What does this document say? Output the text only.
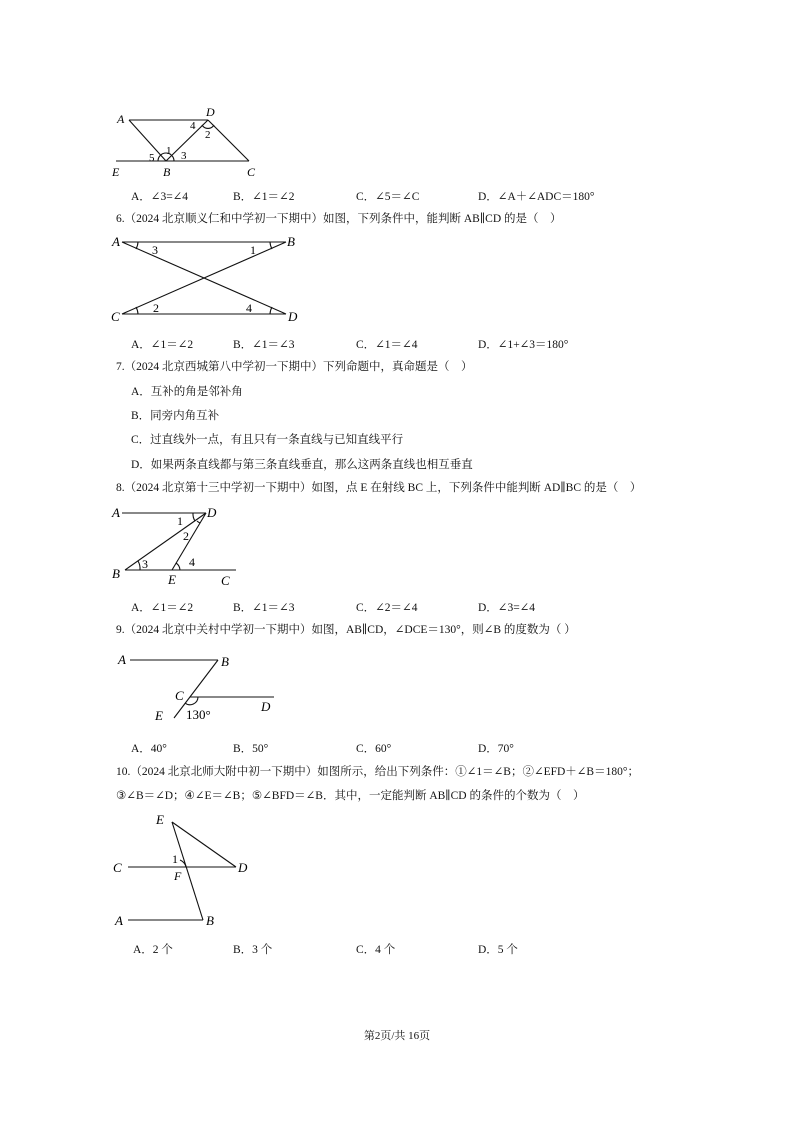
A	D
E	B	C
1
2
3
4
5
A．∠3=∠4	B．∠1＝∠2	C．∠5＝∠C	D．∠A＋∠ADC＝180°
6.（2024 北京顺义仁和中学初一下期中）如图，下列条件中，能判断 AB∥CD 的是（　）
A	B
C	D
1
2
3
4
A．∠1＝∠2	B．∠1＝∠3	C．∠1＝∠4	D．∠1+∠3＝180°
7.（2024 北京西城第八中学初一下期中）下列命题中，真命题是（　）
A．互补的角是邻补角
B．同旁内角互补
C．过直线外一点，有且只有一条直线与已知直线平行
D．如果两条直线都与第三条直线垂直，那么这两条直线也相互垂直
8.（2024 北京第十三中学初一下期中）如图，点 E 在射线 BC 上，下列条件中能判断 AD∥BC 的是（　）
A	D
B	E	C
1
2
3	4
A．∠1＝∠2	B．∠1＝∠3	C．∠2＝∠4	D．∠3=∠4
9.（2024 北京中关村中学初一下期中）如图，AB∥CD，∠DCE＝130°，则∠B 的度数为（ ）
A	B
C
D
E 130°
A．40°	B．50°	C．60°	D．70°
10.（2024 北京北师大附中初一下期中）如图所示，给出下列条件：①∠1＝∠B；②∠EFD＋∠B＝180°；
③∠B＝∠D；④∠E＝∠B；⑤∠BFD＝∠B．其中，一定能判断 AB∥CD 的条件的个数为（　）
E
C	D
F
A	B
1
A．2 个	B．3 个	C．4 个	D．5 个
第2页/共 16页
